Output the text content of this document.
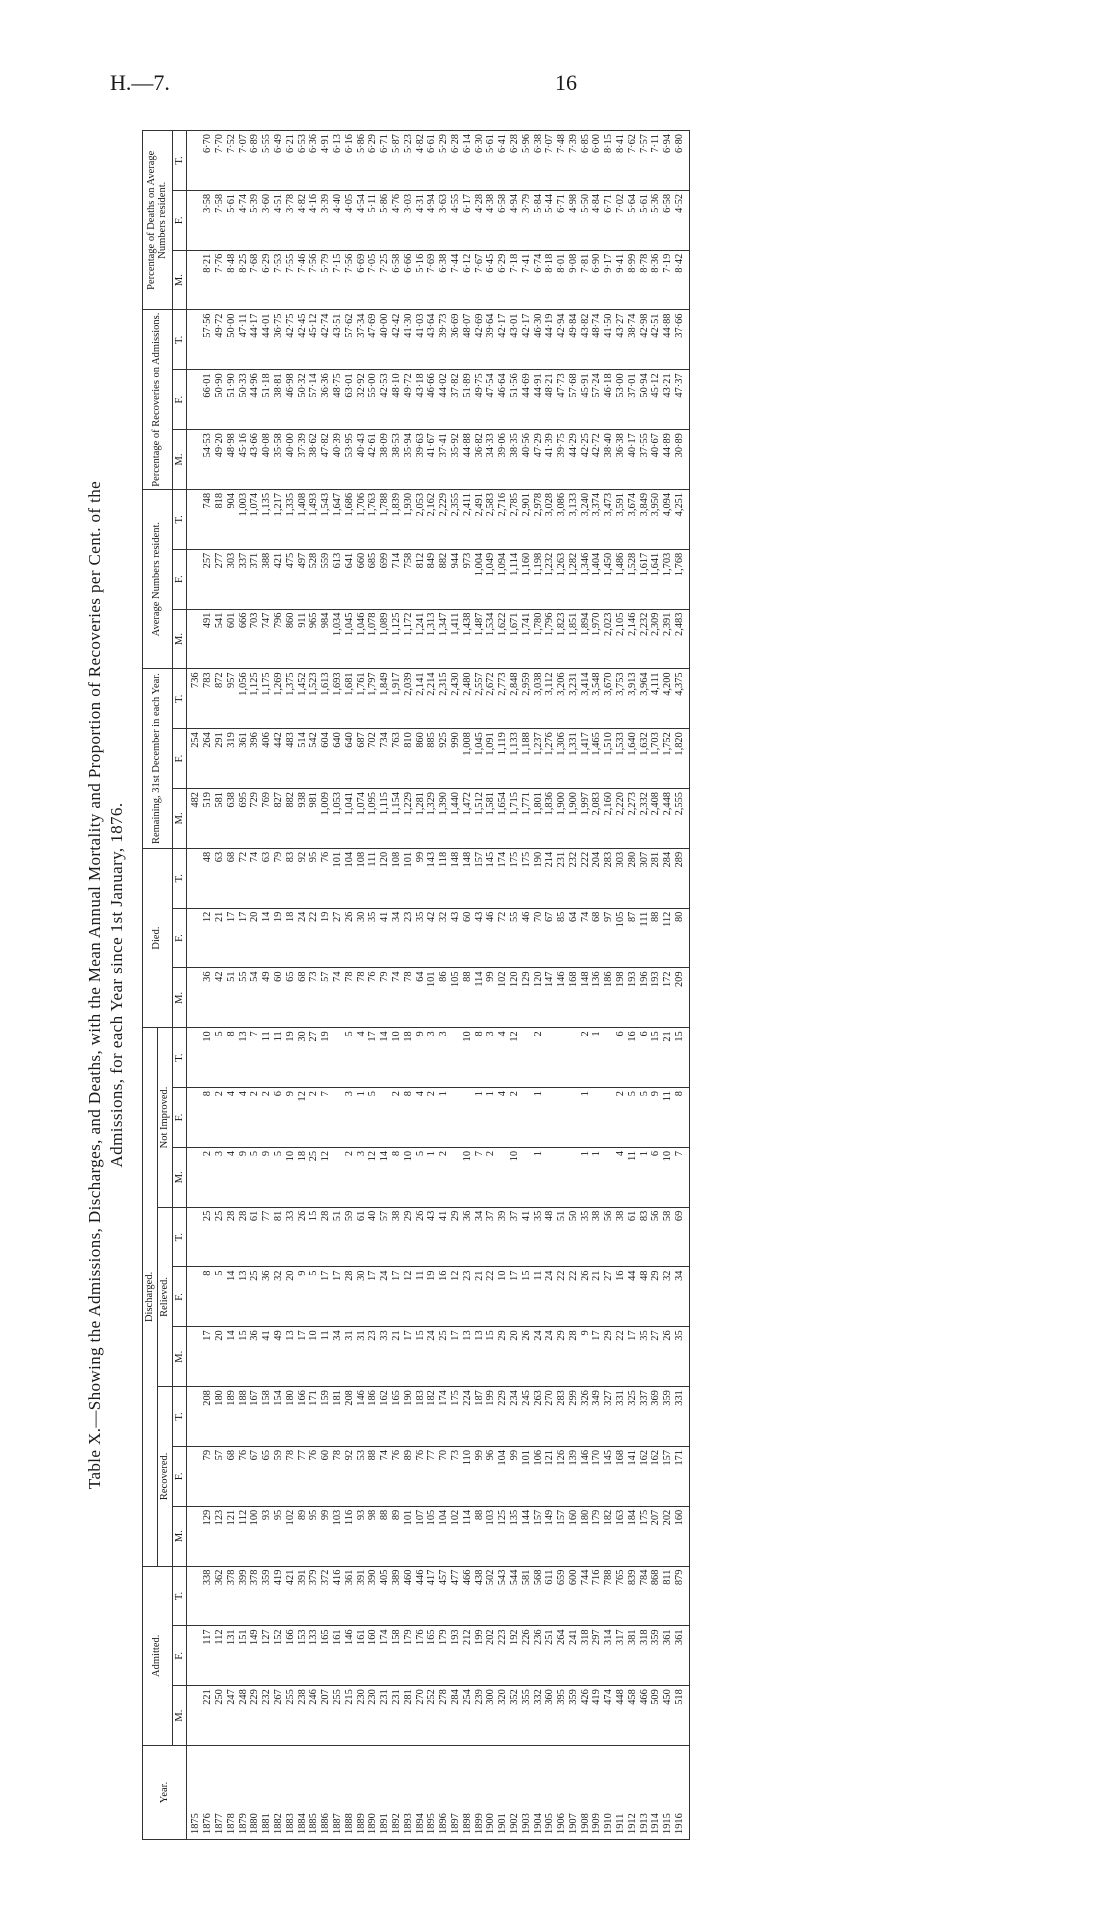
H.—7.	16
Table X.—Showing the Admissions, Discharges, and Deaths, with the Mean Annual Mortality and Proportion of Recoveries per Cent. of the Admissions, for each Year since 1st January, 1876.
Year.	Admitted.			Discharged.									Died.			Remaining, 31st December in each Year.			Average Numbers resident.			Percentage of Recoveries on Admissions.			Percentage of Deaths on Average Numbers resident.		
				Recovered.			Relieved.			Not Improved.																	
	M.	F.	T.	M.	F.	T.	M.	F.	T.	M.	F.	T.	M.	F.	T.	M.	F.	T.	M.	F.	T.	M.	F.	T.	M.	F.	T.
1875																482	254	736									
1876	221	117	338	129	79	208	17	8	25	2	8	10	36	12	48	519	264	783	491	257	748	54·53	66·01	57·56	8·21	3·58	6·70
1877	250	112	362	123	57	180	20	5	25	3	2	5	42	21	63	581	291	872	541	277	818	49·20	50·90	49·72	7·76	7·58	7·70
1878	247	131	378	121	68	189	14	14	28	4	4	8	51	17	68	638	319	957	601	303	904	48·98	51·90	50·00	8·48	5·61	7·52
1879	248	151	399	112	76	188	15	13	28	9	4	13	55	17	72	695	361	1,056	666	337	1,003	45·16	50·33	47·11	8·25	4·74	7·07
1880	229	149	378	100	67	167	36	25	61	5	2	7	54	20	74	729	396	1,125	703	371	1,074	43·66	44·96	44·17	7·68	5·39	6·89
1881	232	127	359	93	65	158	41	36	77	9	2	11	49	14	63	769	406	1,175	747	388	1,135	40·08	51·18	44·01	6·29	3·60	5·55
1882	267	152	419	95	59	154	49	32	81	5	6	11	60	19	79	827	442	1,269	796	421	1,217	35·58	38·81	36·75	7·53	4·51	6·49
1883	255	166	421	102	78	180	13	20	33	10	9	19	65	18	83	882	483	1,375	860	475	1,335	40·00	46·98	42·75	7·55	3·78	6·21
1884	238	153	391	89	77	166	17	9	26	18	12	30	68	24	92	938	514	1,452	911	497	1,408	37·39	50·32	42·45	7·46	4·82	6·53
1885	246	133	379	95	76	171	10	5	15	25	2	27	73	22	95	981	542	1,523	965	528	1,493	38·62	57·14	45·12	7·56	4·16	6·36
1886	207	165	372	99	60	159	11	17	28	12	7	19	57	19	76	1,009	604	1,613	984	559	1,543	47·82	36·36	42·74	5·79	3·39	4·91
1887	255	161	416	103	78	181	34	17	51				74	27	101	1,053	640	1,693	1,034	613	1,647	40·39	48·75	43·51	7·15	4·40	6·13
1888	215	146	361	116	92	208	31	28	59	2	3	5	78	26	104	1,041	640	1,681	1,045	641	1,686	53·95	63·01	57·62	7·56	4·05	6·16
1889	230	161	391	93	53	146	31	30	61	3	1	4	78	30	108	1,074	687	1,761	1,046	660	1,706	40·43	32·92	37·34	6·69	4·54	5·86
1890	230	160	390	98	88	186	23	17	40	12	5	17	76	35	111	1,095	702	1,797	1,078	685	1,763	42·61	55·00	47·69	7·05	5·11	6·29
1891	231	174	405	88	74	162	33	24	57	14		14	79	41	120	1,115	734	1,849	1,089	699	1,788	38·09	42·53	40·00	7·25	5·86	6·71
1892	231	158	389	89	76	165	21	17	38	8	2	10	74	34	108	1,154	763	1,917	1,125	714	1,839	38·53	48·10	42·42	6·58	4·76	5·87
1893	281	179	460	101	89	190	17	12	29	10	8	18	78	23	101	1,229	810	2,039	1,172	758	1,930	35·94	49·72	41·30	6·66	3·03	5·23
1894	270	176	446	107	76	183	15	11	26	5	4	9	64	35	99	1,281	860	2,141	1,241	812	2,053	39·63	43·18	41·03	5·16	4·31	4·82
1895	252	165	417	105	77	182	24	19	43	1	2	3	101	42	143	1,329	885	2,214	1,313	849	2,162	41·67	46·66	43·64	7·69	4·94	6·61
1896	278	179	457	104	70	174	25	16	41	2	1	3	86	32	118	1,390	925	2,315	1,347	882	2,229	37·41	44·02	39·73	6·38	3·63	5·29
1897	284	193	477	102	73	175	17	12	29				105	43	148	1,440	990	2,430	1,411	944	2,355	35·92	37·82	36·69	7·44	4·55	6·28
1898	254	212	466	114	110	224	13	23	36	10		10	88	60	148	1,472	1,008	2,480	1,438	973	2,411	44·88	51·89	48·07	6·12	6·17	6·14
1899	239	199	438	88	99	187	13	21	34	7	1	8	114	43	157	1,512	1,045	2,557	1,487	1,004	2,491	36·82	49·75	42·69	7·67	4·28	6·30
1900	300	202	502	103	96	199	15	22	37	2	1	3	99	46	145	1,581	1,091	2,672	1,534	1,049	2,583	34·33	47·54	39·64	6·45	4·38	5·61
1901	320	223	543	125	104	229	29	10	39		4	4	102	72	174	1,654	1,119	2,773	1,622	1,094	2,716	39·06	46·64	42·17	6·29	6·58	6·41
1902	352	192	544	135	99	234	20	17	37	10	2	12	120	55	175	1,715	1,133	2,848	1,671	1,114	2,785	38·35	51·56	43·01	7·18	4·94	6·28
1903	355	226	581	144	101	245	26	15	41				129	46	175	1,771	1,188	2,959	1,741	1,160	2,901	40·56	44·69	42·17	7·41	3·79	5·96
1904	332	236	568	157	106	263	24	11	35	1	1	2	120	70	190	1,801	1,237	3,038	1,780	1,198	2,978	47·29	44·91	46·30	6·74	5·84	6·38
1905	360	251	611	149	121	270	24	24	48				147	67	214	1,836	1,276	3,112	1,796	1,232	3,028	41·39	48·21	44·19	8·18	5·44	7·07
1906	395	264	659	157	126	283	29	22	51				146	85	231	1,900	1,306	3,206	1,823	1,263	3,086	39·75	47·73	42·94	8·01	6·71	7·48
1907	359	241	600	160	139	299	28	22	50				168	64	232	1,900	1,331	3,231	1,851	1,282	3,133	44·29	57·68	49·84	9·08	4·98	7·39
1908	426	318	744	180	146	326	9	26	35	1	1	2	148	74	222	1,997	1,417	3,414	1,894	1,346	3,240	42·25	45·91	43·82	7·81	5·50	6·85
1909	419	297	716	179	170	349	17	21	38	1		1	136	68	204	2,083	1,465	3,548	1,970	1,404	3,374	42·72	57·24	48·74	6·90	4·84	6·00
1910	474	314	788	182	145	327	29	27	56				186	97	283	2,160	1,510	3,670	2,023	1,450	3,473	38·40	46·18	41·50	9·17	6·71	8·15
1911	448	317	765	163	168	331	22	16	38	4	2	6	198	105	303	2,220	1,533	3,753	2,105	1,486	3,591	36·38	53·00	43·27	9·41	7·02	8·41
1912	458	381	839	184	141	325	17	44	61	11	5	16	193	87	280	2,273	1,640	3,913	2,146	1,528	3,674	40·17	37·01	38·74	8·99	5·64	7·62
1913	466	318	784	175	162	337	35	48	83	1	5	6	196	111	307	2,332	1,632	3,964	2,232	1,617	3,849	37·55	50·94	42·98	8·78	5·61	7·57
1914	509	359	868	207	162	369	27	29	56	6	9	15	193	88	281	2,408	1,703	4,111	2,309	1,641	3,950	40·67	45·12	42·51	8·36	5·36	7·11
1915	450	361	811	202	157	359	26	32	58	10	11	21	172	112	284	2,448	1,752	4,200	2,391	1,703	4,094	44·89	43·21	44·88	7·19	6·58	6·94
1916	518	361	879	160	171	331	35	34	69	7	8	15	209	80	289	2,555	1,820	4,375	2,483	1,768	4,251	30·89	47·37	37·66	8·42	4·52	6·80
